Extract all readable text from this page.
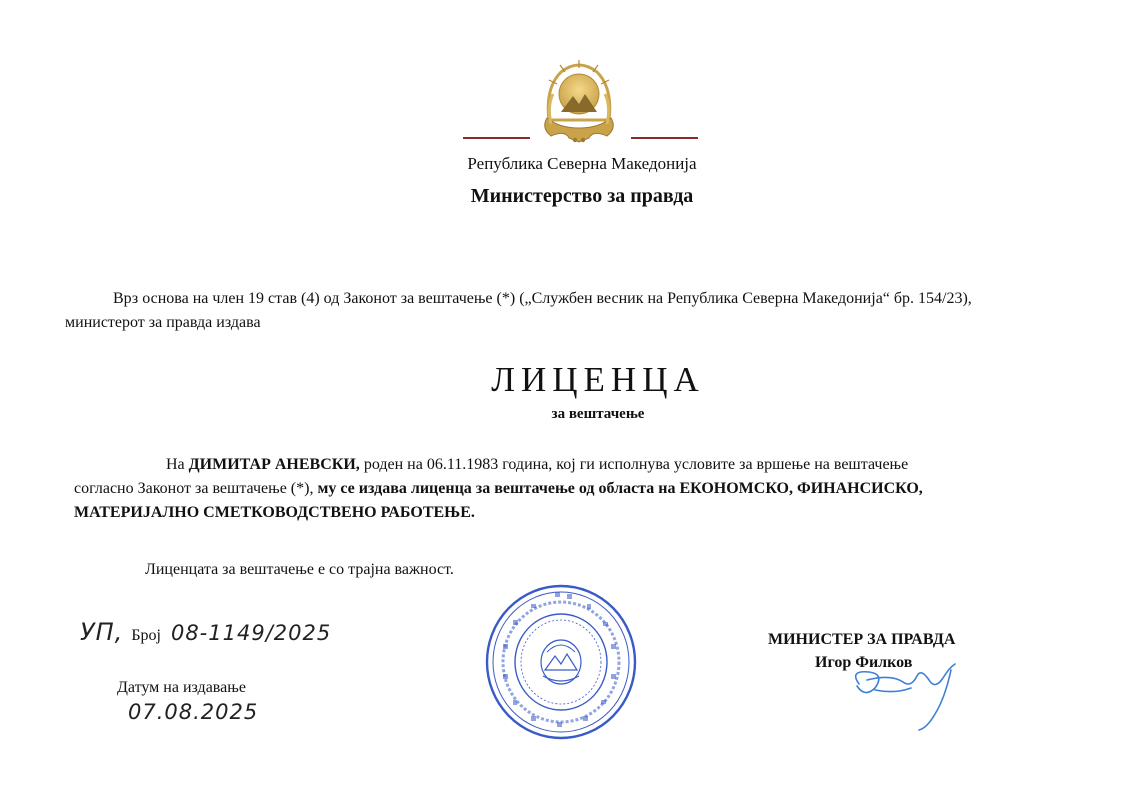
Република Северна Македонија
Министерство за правда
Врз основа на член 19 став (4) од Законот за вештачење (*) („Службен весник на Република Северна Македонија“ бр. 154/23),
министерот за правда издава
ЛИЦЕНЦА
за вештачење
На ДИМИТАР АНЕВСКИ, роден на 06.11.1983 година, кој ги исполнува условите за вршење на вештачење
согласно Законот за вештачење (*), му се издава лиценца за вештачење од областа на ЕКОНОМСКО, ФИНАНСИСКО,
МАТЕРИЈАЛНО СМЕТКОВОДСТВЕНО РАБОТЕЊЕ.
Лиценцата за вештачење е со трајна важност.
УП, Број 08-1149/2025
Датум на издавање
07.08.2025
МИНИСТЕР ЗА ПРАВДА
Игор Филков
